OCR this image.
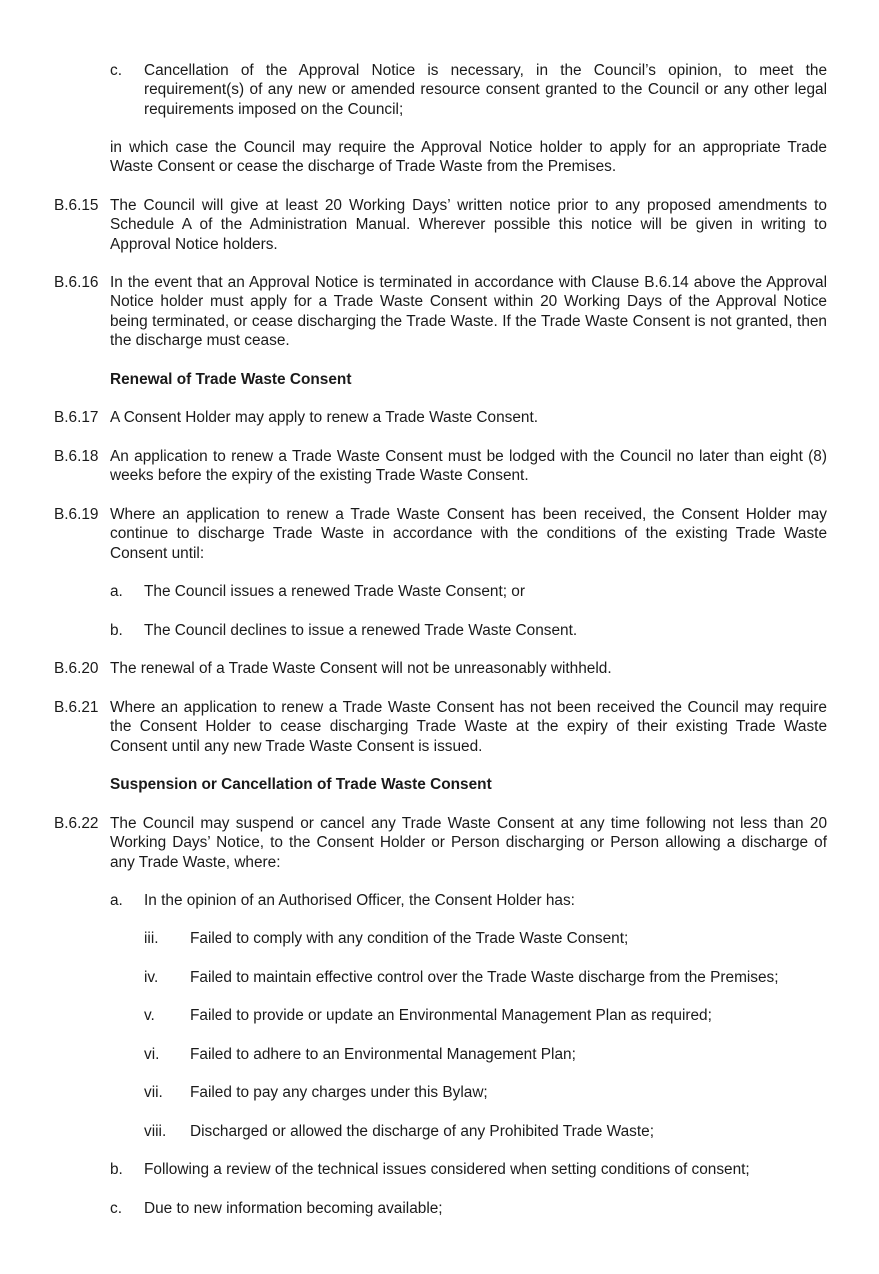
c. Cancellation of the Approval Notice is necessary, in the Council’s opinion, to meet the requirement(s) of any new or amended resource consent granted to the Council or any other legal requirements imposed on the Council;
in which case the Council may require the Approval Notice holder to apply for an appropriate Trade Waste Consent or cease the discharge of Trade Waste from the Premises.
B.6.15 The Council will give at least 20 Working Days’ written notice prior to any proposed amendments to Schedule A of the Administration Manual. Wherever possible this notice will be given in writing to Approval Notice holders.
B.6.16 In the event that an Approval Notice is terminated in accordance with Clause B.6.14 above the Approval Notice holder must apply for a Trade Waste Consent within 20 Working Days of the Approval Notice being terminated, or cease discharging the Trade Waste. If the Trade Waste Consent is not granted, then the discharge must cease.
Renewal of Trade Waste Consent
B.6.17 A Consent Holder may apply to renew a Trade Waste Consent.
B.6.18 An application to renew a Trade Waste Consent must be lodged with the Council no later than eight (8) weeks before the expiry of the existing Trade Waste Consent.
B.6.19 Where an application to renew a Trade Waste Consent has been received, the Consent Holder may continue to discharge Trade Waste in accordance with the conditions of the existing Trade Waste Consent until:
a. The Council issues a renewed Trade Waste Consent; or
b. The Council declines to issue a renewed Trade Waste Consent.
B.6.20 The renewal of a Trade Waste Consent will not be unreasonably withheld.
B.6.21 Where an application to renew a Trade Waste Consent has not been received the Council may require the Consent Holder to cease discharging Trade Waste at the expiry of their existing Trade Waste Consent until any new Trade Waste Consent is issued.
Suspension or Cancellation of Trade Waste Consent
B.6.22 The Council may suspend or cancel any Trade Waste Consent at any time following not less than 20 Working Days’ Notice, to the Consent Holder or Person discharging or Person allowing a discharge of any Trade Waste, where:
a. In the opinion of an Authorised Officer, the Consent Holder has:
iii. Failed to comply with any condition of the Trade Waste Consent;
iv. Failed to maintain effective control over the Trade Waste discharge from the Premises;
v. Failed to provide or update an Environmental Management Plan as required;
vi. Failed to adhere to an Environmental Management Plan;
vii. Failed to pay any charges under this Bylaw;
viii. Discharged or allowed the discharge of any Prohibited Trade Waste;
b. Following a review of the technical issues considered when setting conditions of consent;
c. Due to new information becoming available;
